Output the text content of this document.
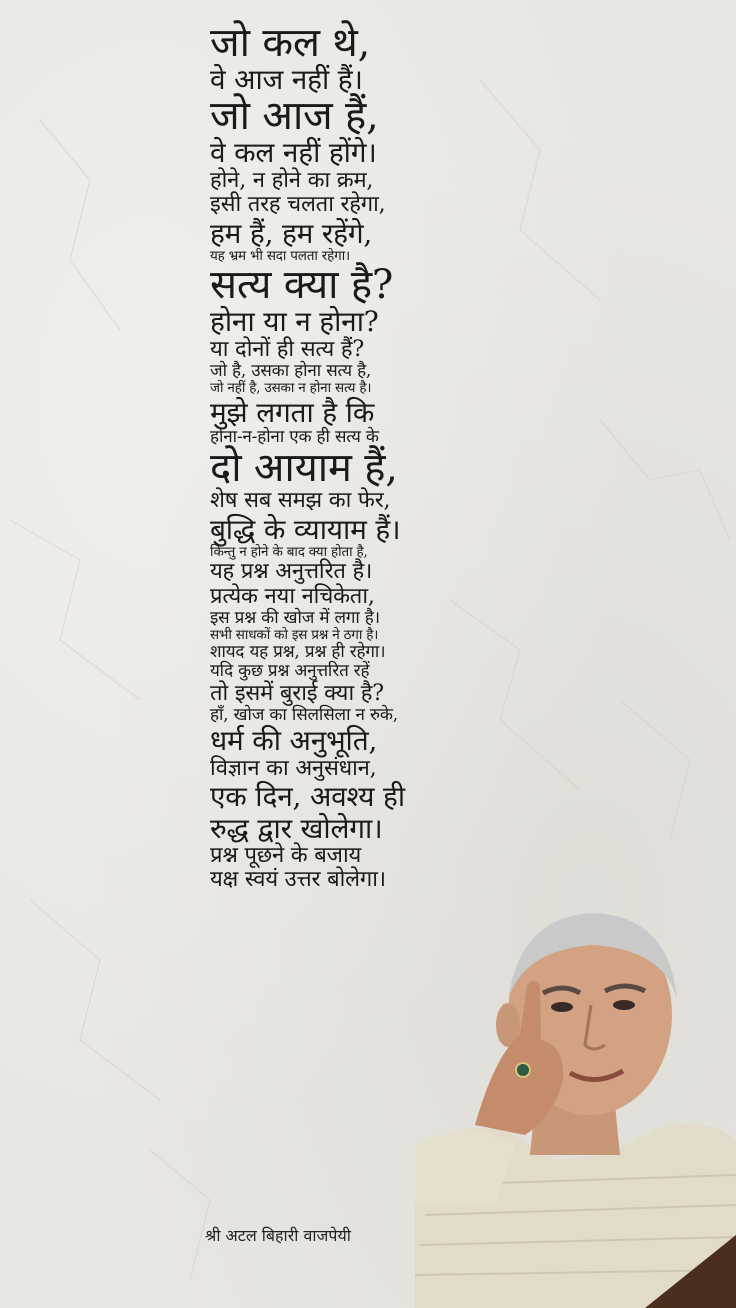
जो कल थे,
वे आज नहीं हैं।
जो आज हैं,
वे कल नहीं होंगे।
होने, न होने का क्रम,
इसी तरह चलता रहेगा,
हम हैं, हम रहेंगे,
यह भ्रम भी सदा पलता रहेगा।
सत्य क्या है?
होना या न होना?
या दोनों ही सत्य हैं?
जो है, उसका होना सत्य है,
जो नहीं है, उसका न होना सत्य है।
मुझे लगता है कि
होना-न-होना एक ही सत्य के
दो आयाम हैं,
शेष सब समझ का फेर,
बुद्धि के व्यायाम हैं।
किन्तु न होने के बाद क्या होता है,
यह प्रश्न अनुत्तरित है।
प्रत्येक नया नचिकेता,
इस प्रश्न की खोज में लगा है।
सभी साधकों को इस प्रश्न ने ठगा है।
शायद यह प्रश्न, प्रश्न ही रहेगा।
यदि कुछ प्रश्न अनुत्तरित रहें
तो इसमें बुराई क्या है?
हाँ, खोज का सिलसिला न रुके,
धर्म की अनुभूति,
विज्ञान का अनुसंधान,
एक दिन, अवश्य ही
रुद्ध द्वार खोलेगा।
प्रश्न पूछने के बजाय
यक्ष स्वयं उत्तर बोलेगा।
श्री अटल बिहारी वाजपेयी
